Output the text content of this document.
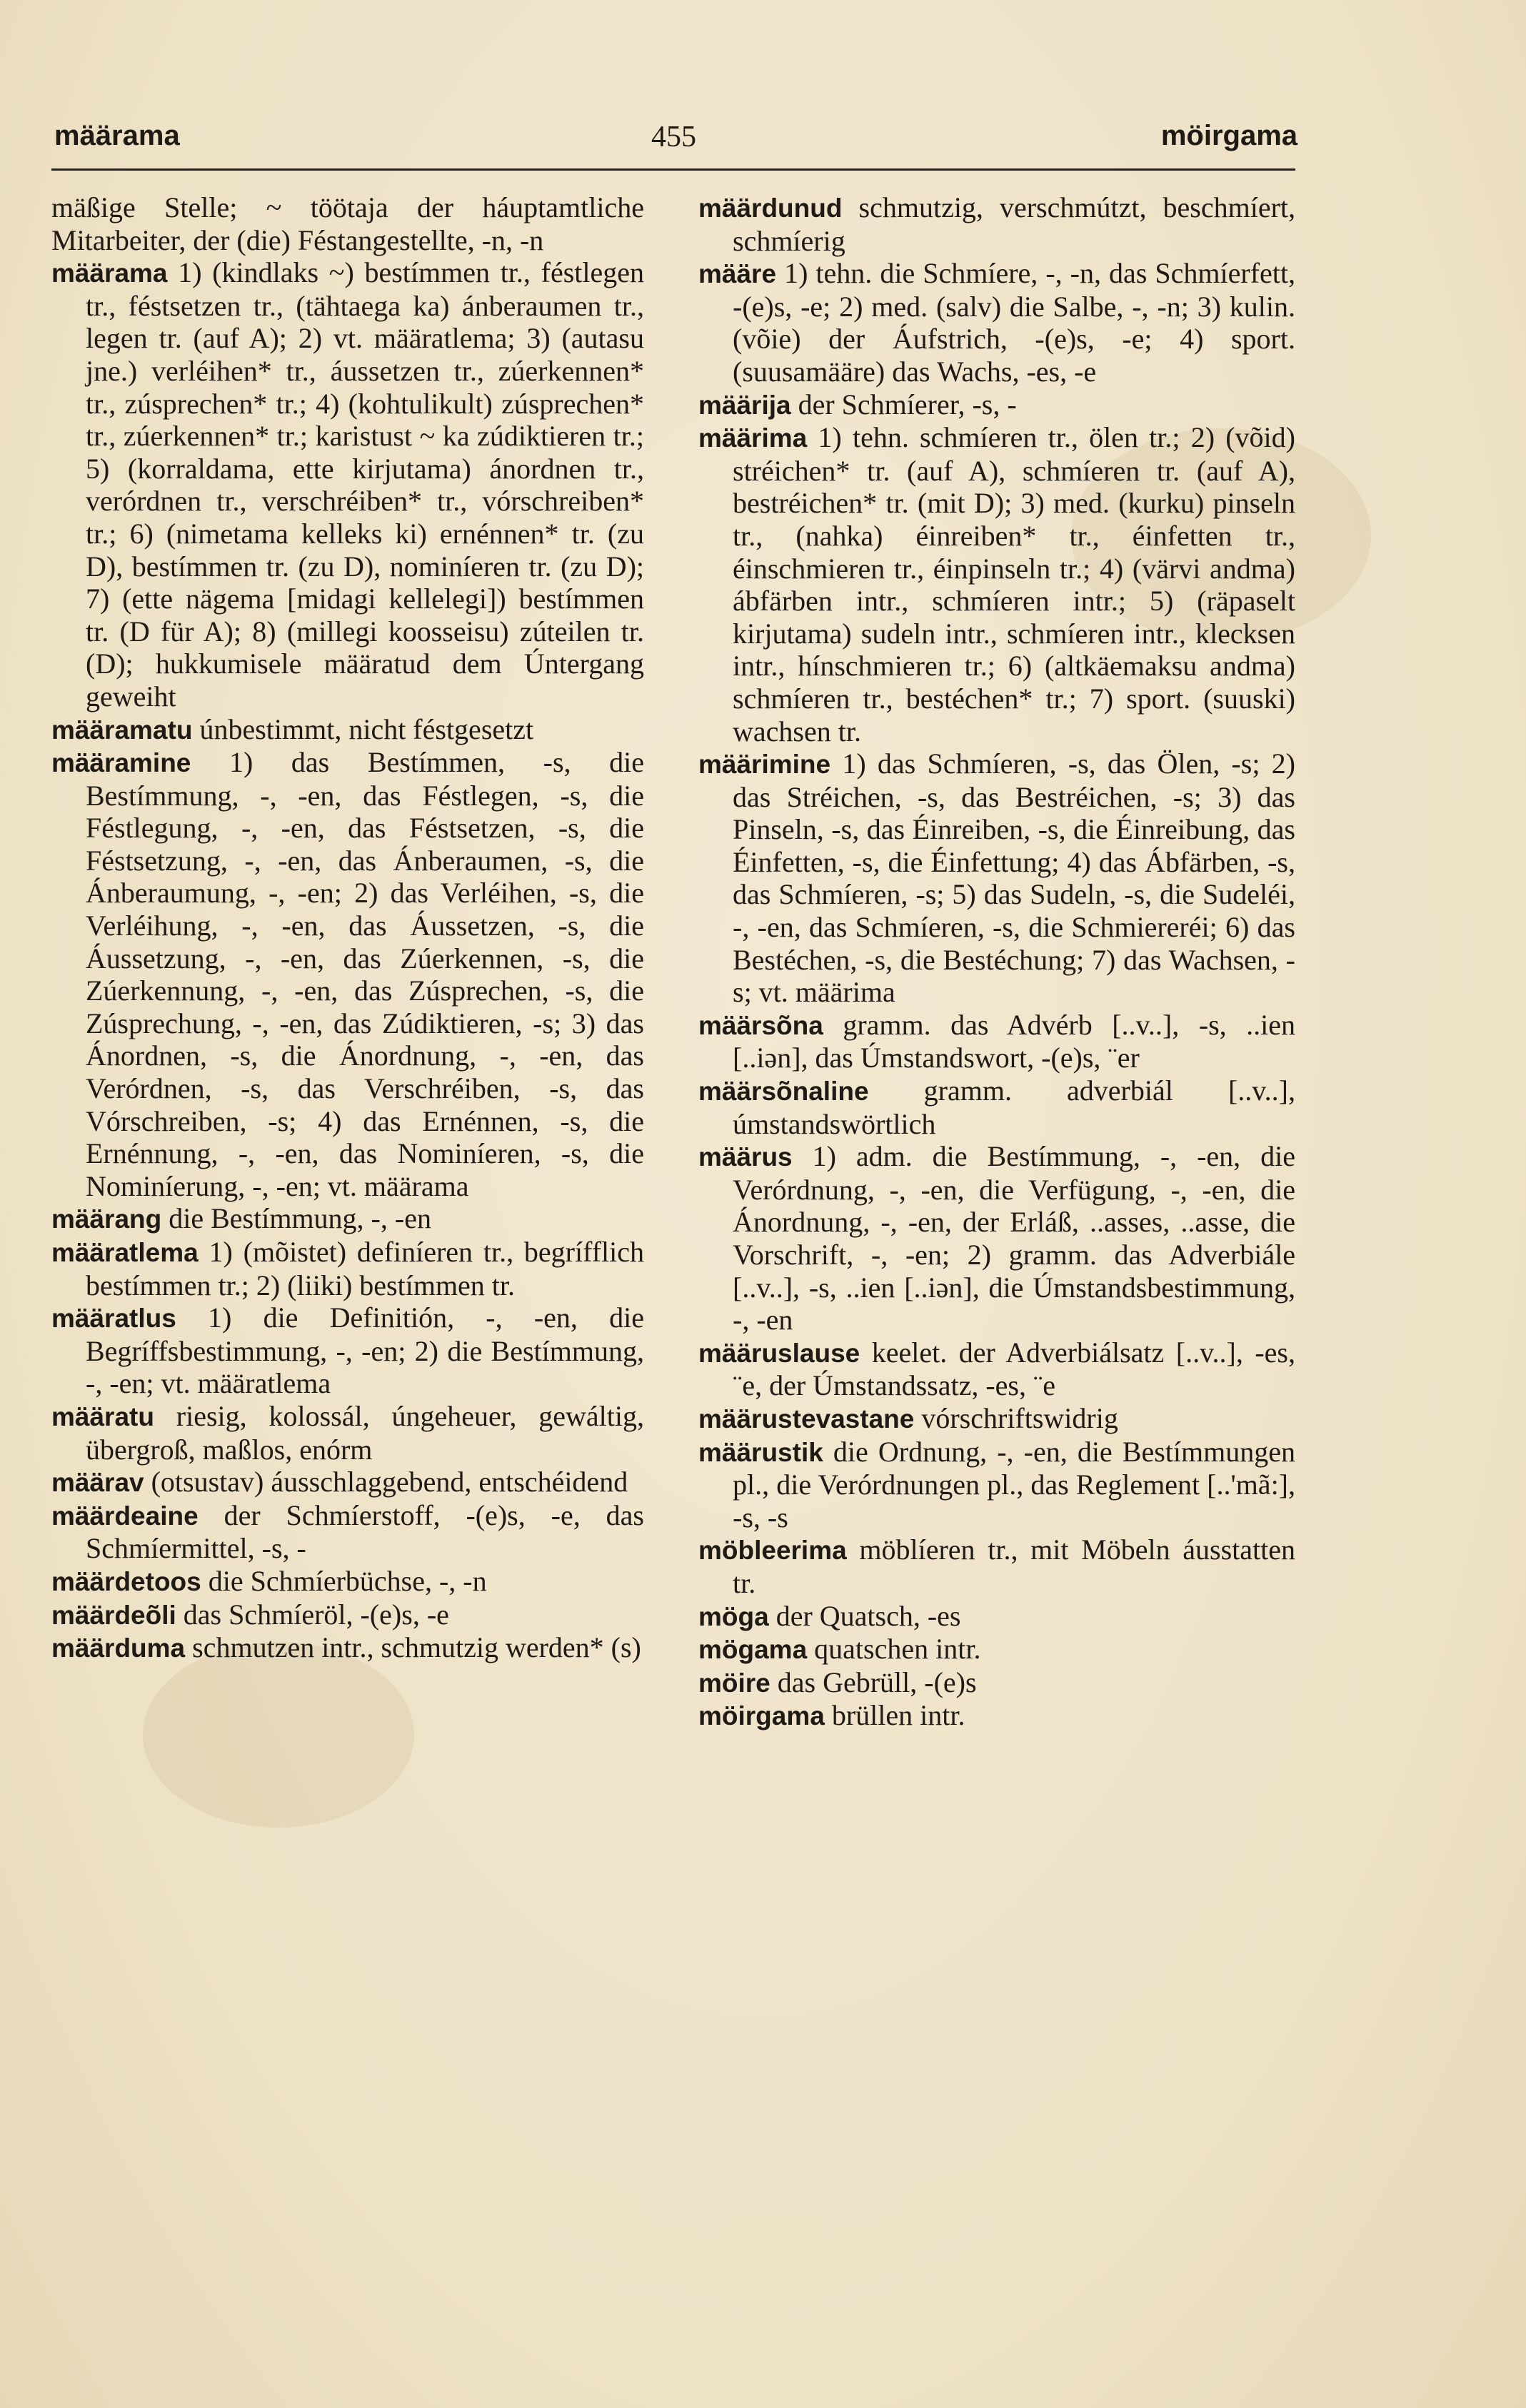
määrama	455	möirgama

mäßige Stelle; ~ töötaja der háuptamtliche Mitarbeiter, der (die) Féstangestellte, -n, -n

määrama 1) (kindlaks ~) bestímmen tr., féstlegen tr., féstsetzen tr., (tähtaega ka) ánberaumen tr., legen tr. (auf A); 2) vt. määratlema; 3) (autasu jne.) verléihen* tr., áussetzen tr., zúerkennen* tr., zúsprechen* tr.; 4) (kohtulikult) zúsprechen* tr., zúerkennen* tr.; karistust ~ ka zúdiktieren tr.; 5) (korraldama, ette kirjutama) ánordnen tr., verórdnen tr., verschréiben* tr., vórschreiben* tr.; 6) (nimetama kelleks ki) ernénnen* tr. (zu D), bestímmen tr. (zu D), nominíeren tr. (zu D); 7) (ette nägema [midagi kellelegi]) bestímmen tr. (D für A); 8) (millegi koosseisu) zúteilen tr. (D); hukkumisele määratud dem Úntergang geweiht

määramatu únbestimmt, nicht féstgesetzt

määramine 1) das Bestímmen, -s, die Bestímmung, -, -en, das Féstlegen, -s, die Féstlegung, -, -en, das Féstsetzen, -s, die Féstsetzung, -, -en, das Ánberaumen, -s, die Ánberaumung, -, -en; 2) das Verléihen, -s, die Verléihung, -, -en, das Áussetzen, -s, die Áussetzung, -, -en, das Zúerkennen, -s, die Zúerkennung, -, -en, das Zúsprechen, -s, die Zúsprechung, -, -en, das Zúdiktieren, -s; 3) das Ánordnen, -s, die Ánordnung, -, -en, das Verórdnen, -s, das Verschréiben, -s, das Vórschreiben, -s; 4) das Ernénnen, -s, die Ernénnung, -, -en, das Nominíeren, -s, die Nominíerung, -, -en; vt. määrama

määrang die Bestímmung, -, -en

määratlema 1) (mõistet) definíeren tr., begrífflich bestímmen tr.; 2) (liiki) bestímmen tr.

määratlus 1) die Definitión, -, -en, die Begríffsbestimmung, -, -en; 2) die Bestímmung, -, -en; vt. määratlema

määratu riesig, kolossál, úngeheuer, gewáltig, übergroß, maßlos, enórm

määrav (otsustav) áusschlaggebend, entschéidend

määrdeaine der Schmíerstoff, -(e)s, -e, das Schmíermittel, -s, -

määrdetoos die Schmíerbüchse, -, -n

määrdeõli das Schmíeröl, -(e)s, -e

määrduma schmutzen intr., schmutzig werden* (s)

määrdunud schmutzig, verschmútzt, beschmíert, schmíerig

määre 1) tehn. die Schmíere, -, -n, das Schmíerfett, -(e)s, -e; 2) med. (salv) die Salbe, -, -n; 3) kulin. (võie) der Áufstrich, -(e)s, -e; 4) sport. (suusamääre) das Wachs, -es, -e

määrija der Schmíerer, -s, -

määrima 1) tehn. schmíeren tr., ölen tr.; 2) (võid) stréichen* tr. (auf A), schmíeren tr. (auf A), bestréichen* tr. (mit D); 3) med. (kurku) pinseln tr., (nahka) éinreiben* tr., éinfetten tr., éinschmieren tr., éinpinseln tr.; 4) (värvi andma) ábfärben intr., schmíeren intr.; 5) (räpaselt kirjutama) sudeln intr., schmíeren intr., klecksen intr., hínschmieren tr.; 6) (altkäemaksu andma) schmíeren tr., bestéchen* tr.; 7) sport. (suuski) wachsen tr.

määrimine 1) das Schmíeren, -s, das Ölen, -s; 2) das Stréichen, -s, das Bestréichen, -s; 3) das Pinseln, -s, das Éinreiben, -s, die Éinreibung, das Éinfetten, -s, die Éinfettung; 4) das Ábfärben, -s, das Schmíeren, -s; 5) das Sudeln, -s, die Sudeléi, -, -en, das Schmíeren, -s, die Schmiereréi; 6) das Bestéchen, -s, die Bestéchung; 7) das Wachsen, -s; vt. määrima

määrsõna gramm. das Advérb [..v..], -s, ..ien [..iən], das Úmstandswort, -(e)s, ¨er

määrsõnaline gramm. adverbiál [..v..], úmstandswörtlich

määrus 1) adm. die Bestímmung, -, -en, die Verórdnung, -, -en, die Verfügung, -, -en, die Ánordnung, -, -en, der Erláß, ..asses, ..asse, die Vorschrift, -, -en; 2) gramm. das Adverbiále [..v..], -s, ..ien [..iən], die Úmstandsbestimmung, -, -en

määruslause keelet. der Adverbiálsatz [..v..], -es, ¨e, der Úmstandssatz, -es, ¨e

määrustevastane vórschriftswidrig

määrustik die Ordnung, -, -en, die Bestímmungen pl., die Verórdnungen pl., das Reglement [..'mã:], -s, -s

möbleerima möblíeren tr., mit Möbeln áusstatten tr.

möga der Quatsch, -es

mögama quatschen intr.

möire das Gebrüll, -(e)s

möirgama brüllen intr.
